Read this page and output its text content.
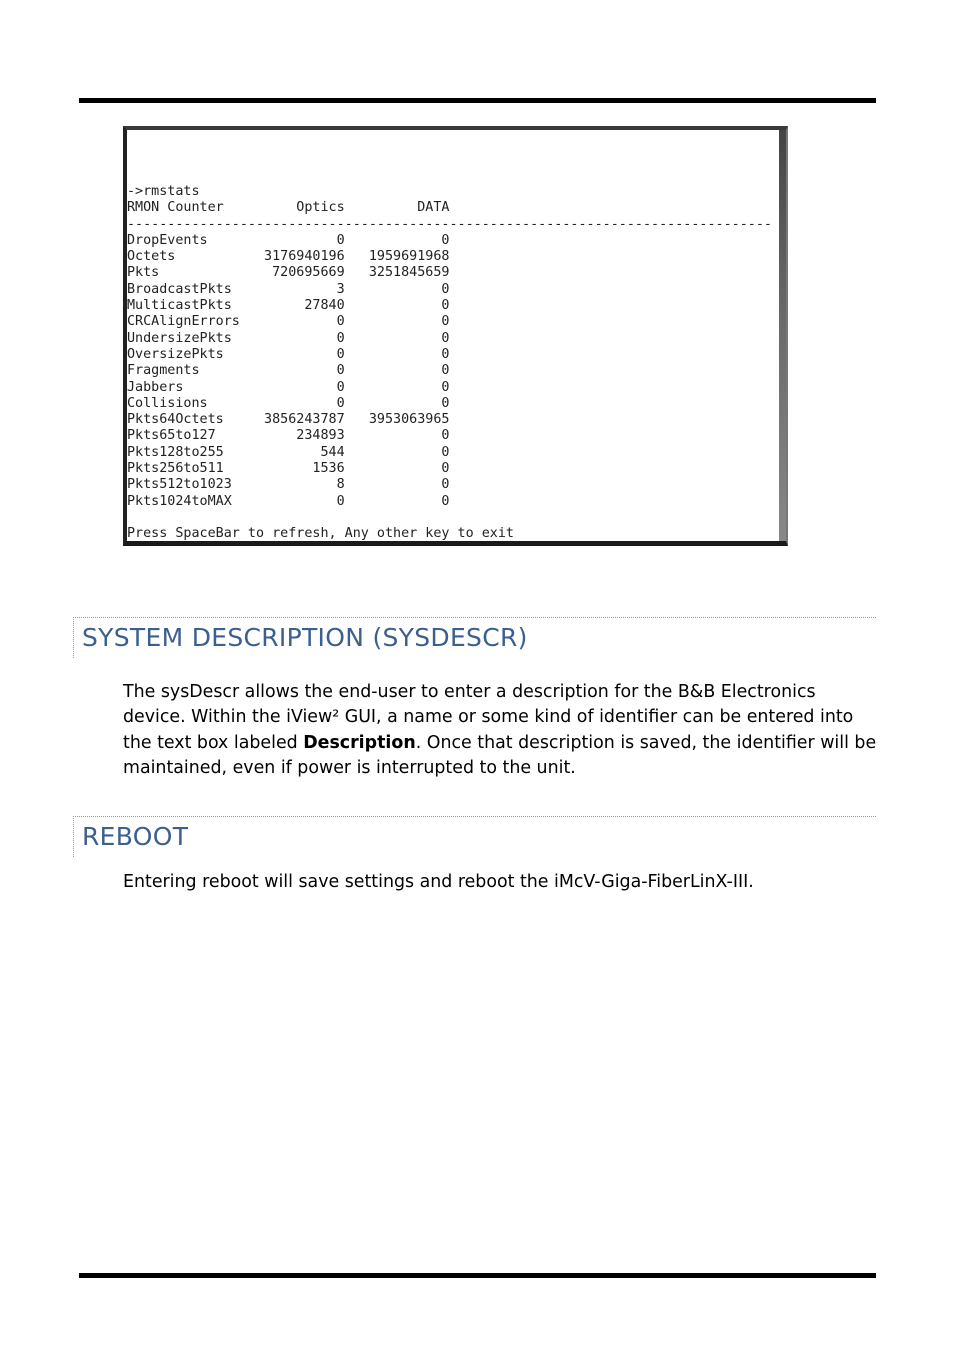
->rmstats
RMON Counter         Optics         DATA
--------------------------------------------------------------------------------
DropEvents                0            0
Octets           3176940196   1959691968
Pkts              720695669   3251845659
BroadcastPkts             3            0
MulticastPkts         27840            0
CRCAlignErrors            0            0
UndersizePkts             0            0
OversizePkts              0            0
Fragments                 0            0
Jabbers                   0            0
Collisions                0            0
Pkts64Octets     3856243787   3953063965
Pkts65to127          234893            0
Pkts128to255            544            0
Pkts256to511           1536            0
Pkts512to1023             8            0
Pkts1024toMAX             0            0
Press SpaceBar to refresh, Any other key to exit
SYSTEM DESCRIPTION (SYSDESCR)
The sysDescr allows the end-user to enter a description for the B&B Electronics device. Within the iView² GUI, a name or some kind of identifier can be entered into the text box labeled Description. Once that description is saved, the identifier will be maintained, even if power is interrupted to the unit.
REBOOT
Entering reboot will save settings and reboot the iMcV-Giga-FiberLinX-III.
